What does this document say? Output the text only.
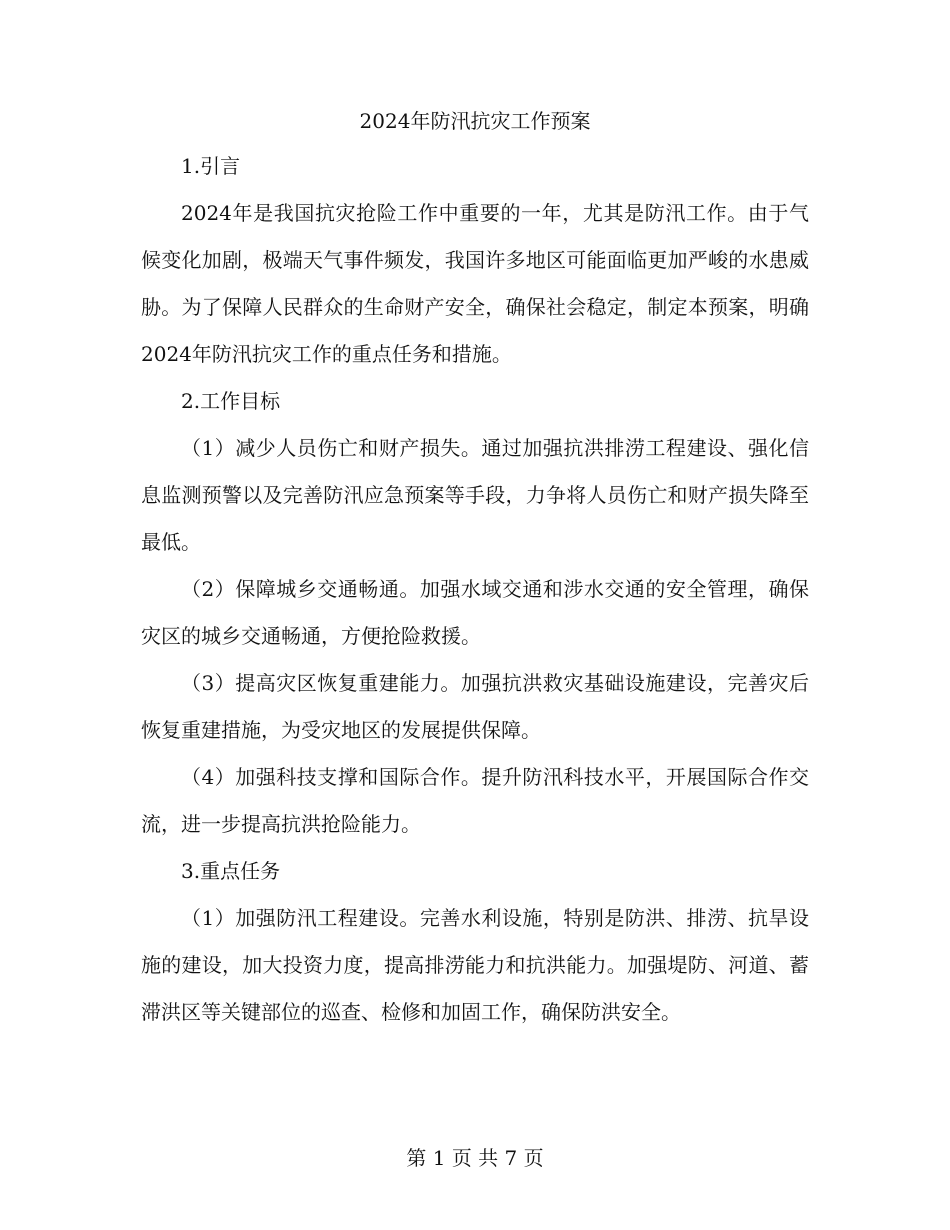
2024年防汛抗灾工作预案

1.引言

2024年是我国抗灾抢险工作中重要的一年，尤其是防汛工作。由于气候变化加剧，极端天气事件频发，我国许多地区可能面临更加严峻的水患威胁。为了保障人民群众的生命财产安全，确保社会稳定，制定本预案，明确2024年防汛抗灾工作的重点任务和措施。

2.工作目标

（1）减少人员伤亡和财产损失。通过加强抗洪排涝工程建设、强化信息监测预警以及完善防汛应急预案等手段，力争将人员伤亡和财产损失降至最低。

（2）保障城乡交通畅通。加强水域交通和涉水交通的安全管理，确保灾区的城乡交通畅通，方便抢险救援。

（3）提高灾区恢复重建能力。加强抗洪救灾基础设施建设，完善灾后恢复重建措施，为受灾地区的发展提供保障。

（4）加强科技支撑和国际合作。提升防汛科技水平，开展国际合作交流，进一步提高抗洪抢险能力。

3.重点任务

（1）加强防汛工程建设。完善水利设施，特别是防洪、排涝、抗旱设施的建设，加大投资力度，提高排涝能力和抗洪能力。加强堤防、河道、蓄滞洪区等关键部位的巡查、检修和加固工作，确保防洪安全。

第 1 页 共 7 页
